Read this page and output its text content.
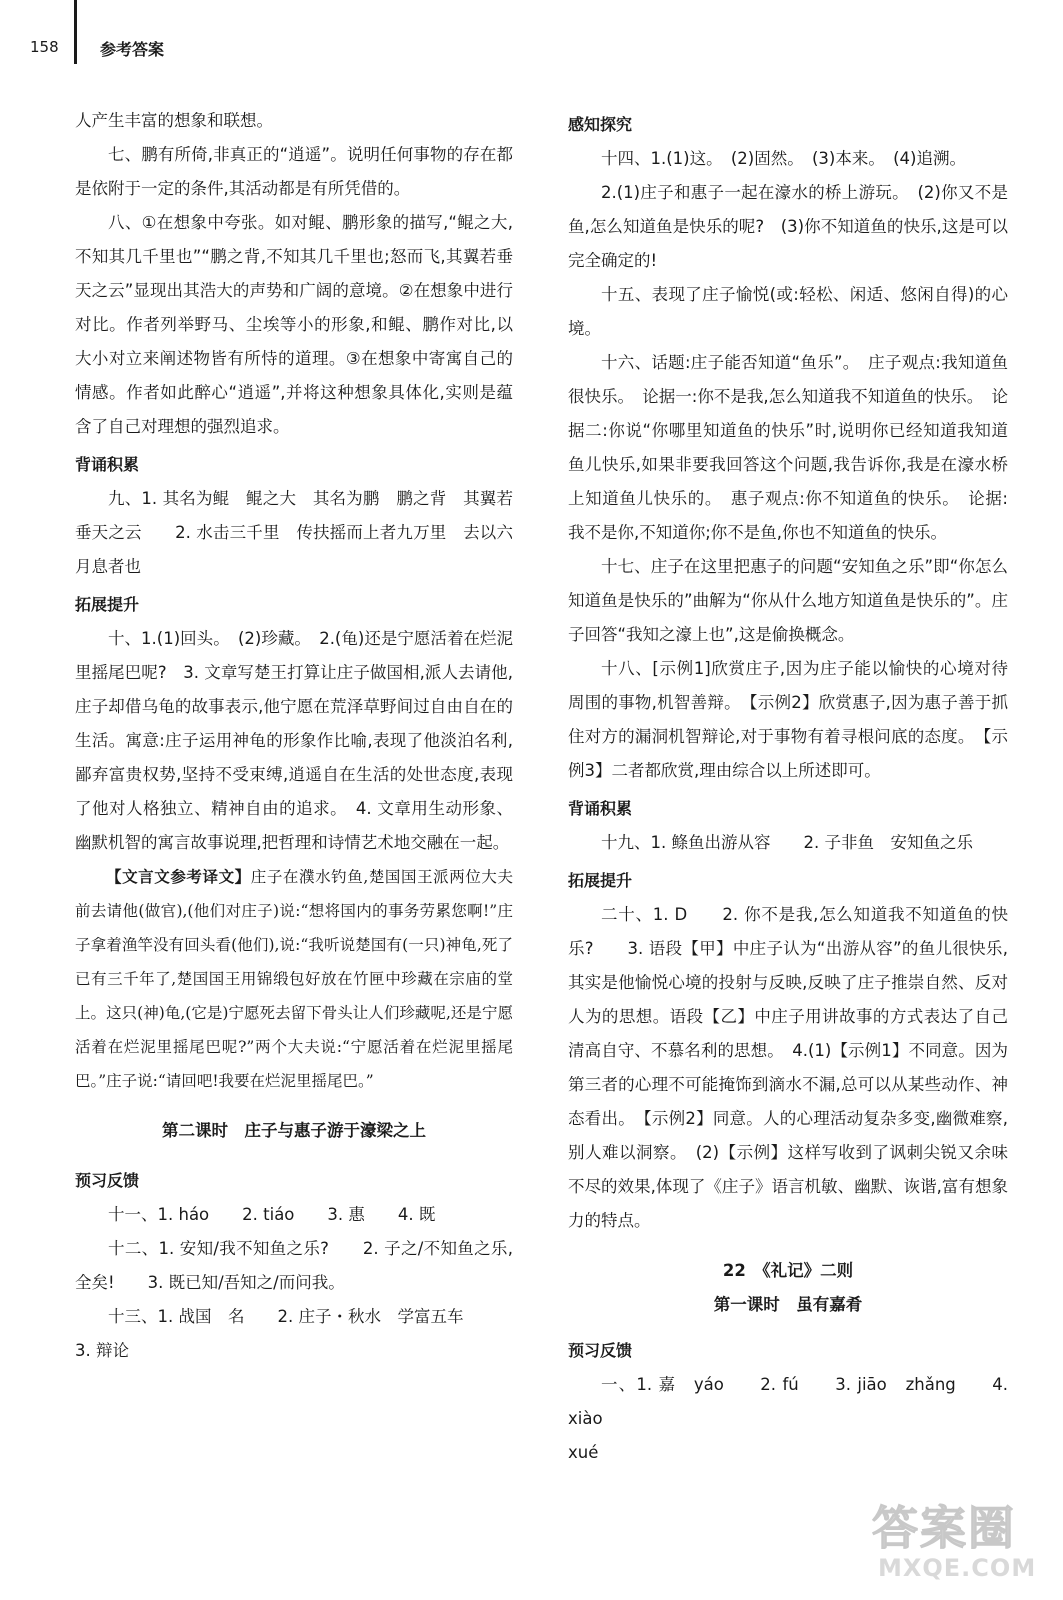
158	参考答案

人产生丰富的想象和联想。

七、鹏有所倚,非真正的“逍遥”。说明任何事物的存在都是依附于一定的条件,其活动都是有所凭借的。

八、①在想象中夸张。如对鲲、鹏形象的描写,“鲲之大,不知其几千里也”“鹏之背,不知其几千里也;怒而飞,其翼若垂天之云”显现出其浩大的声势和广阔的意境。②在想象中进行对比。作者列举野马、尘埃等小的形象,和鲲、鹏作对比,以大小对立来阐述物皆有所恃的道理。③在想象中寄寓自己的情感。作者如此醉心“逍遥”,并将这种想象具体化,实则是蕴含了自己对理想的强烈追求。

背诵积累

九、1. 其名为鲲　鲲之大　其名为鹏　鹏之背　其翼若垂天之云　　2. 水击三千里　传扶摇而上者九万里　去以六月息者也

拓展提升

十、1.(1)回头。　(2)珍藏。　2.(龟)还是宁愿活着在烂泥里摇尾巴呢?　3. 文章写楚王打算让庄子做国相,派人去请他,庄子却借乌龟的故事表示,他宁愿在荒泽草野间过自由自在的生活。寓意:庄子运用神龟的形象作比喻,表现了他淡泊名利,鄙弃富贵权势,坚持不受束缚,逍遥自在生活的处世态度,表现了他对人格独立、精神自由的追求。　4. 文章用生动形象、幽默机智的寓言故事说理,把哲理和诗情艺术地交融在一起。

【文言文参考译文】庄子在濮水钓鱼,楚国国王派两位大夫前去请他(做官),(他们对庄子)说:“想将国内的事务劳累您啊!”庄子拿着渔竿没有回头看(他们),说:“我听说楚国有(一只)神龟,死了已有三千年了,楚国国王用锦缎包好放在竹匣中珍藏在宗庙的堂上。这只(神)龟,(它是)宁愿死去留下骨头让人们珍藏呢,还是宁愿活着在烂泥里摇尾巴呢?”两个大夫说:“宁愿活着在烂泥里摇尾巴。”庄子说:“请回吧!我要在烂泥里摇尾巴。”

第二课时　庄子与惠子游于濠梁之上

预习反馈

十一、1. háo　　2. tiáo　　3. 惠　　4. 既

十二、1. 安知/我不知鱼之乐?　　2. 子之/不知鱼之乐,全矣!　　3. 既已知/吾知之/而问我。

十三、1. 战国　名　　2. 庄子・秋水　学富五车

3. 辩论

感知探究

十四、1.(1)这。　(2)固然。　(3)本来。　(4)追溯。

2.(1)庄子和惠子一起在濠水的桥上游玩。　(2)你又不是鱼,怎么知道鱼是快乐的呢?　(3)你不知道鱼的快乐,这是可以完全确定的!

十五、表现了庄子愉悦(或:轻松、闲适、悠闲自得)的心境。

十六、话题:庄子能否知道“鱼乐”。　庄子观点:我知道鱼很快乐。　论据一:你不是我,怎么知道我不知道鱼的快乐。　论据二:你说“你哪里知道鱼的快乐”时,说明你已经知道我知道鱼儿快乐,如果非要我回答这个问题,我告诉你,我是在濠水桥上知道鱼儿快乐的。　惠子观点:你不知道鱼的快乐。　论据:我不是你,不知道你;你不是鱼,你也不知道鱼的快乐。

十七、庄子在这里把惠子的问题“安知鱼之乐”即“你怎么知道鱼是快乐的”曲解为“你从什么地方知道鱼是快乐的”。庄子回答“我知之濠上也”,这是偷换概念。

十八、[示例1]欣赏庄子,因为庄子能以愉快的心境对待周围的事物,机智善辩。　【示例2】欣赏惠子,因为惠子善于抓住对方的漏洞机智辩论,对于事物有着寻根问底的态度。　【示例3】二者都欣赏,理由综合以上所述即可。

背诵积累

十九、1. 鲦鱼出游从容　　2. 子非鱼　安知鱼之乐

拓展提升

二十、1. D　　2. 你不是我,怎么知道我不知道鱼的快乐?　　3. 语段【甲】中庄子认为“出游从容”的鱼儿很快乐,其实是他愉悦心境的投射与反映,反映了庄子推崇自然、反对人为的思想。语段【乙】中庄子用讲故事的方式表达了自己清高自守、不慕名利的思想。　4.(1)【示例1】不同意。因为第三者的心理不可能掩饰到滴水不漏,总可以从某些动作、神态看出。　【示例2】同意。人的心理活动复杂多变,幽微难察,别人难以洞察。　(2)【示例】这样写收到了讽刺尖锐又余味不尽的效果,体现了《庄子》语言机敏、幽默、诙谐,富有想象力的特点。

22　《礼记》二则

第一课时　虽有嘉肴

预习反馈

一、1. 嘉　yáo　　2. fú　　3. jiāo　zhǎng　　4. xiào

xué

答案圈
MXQE.COM
